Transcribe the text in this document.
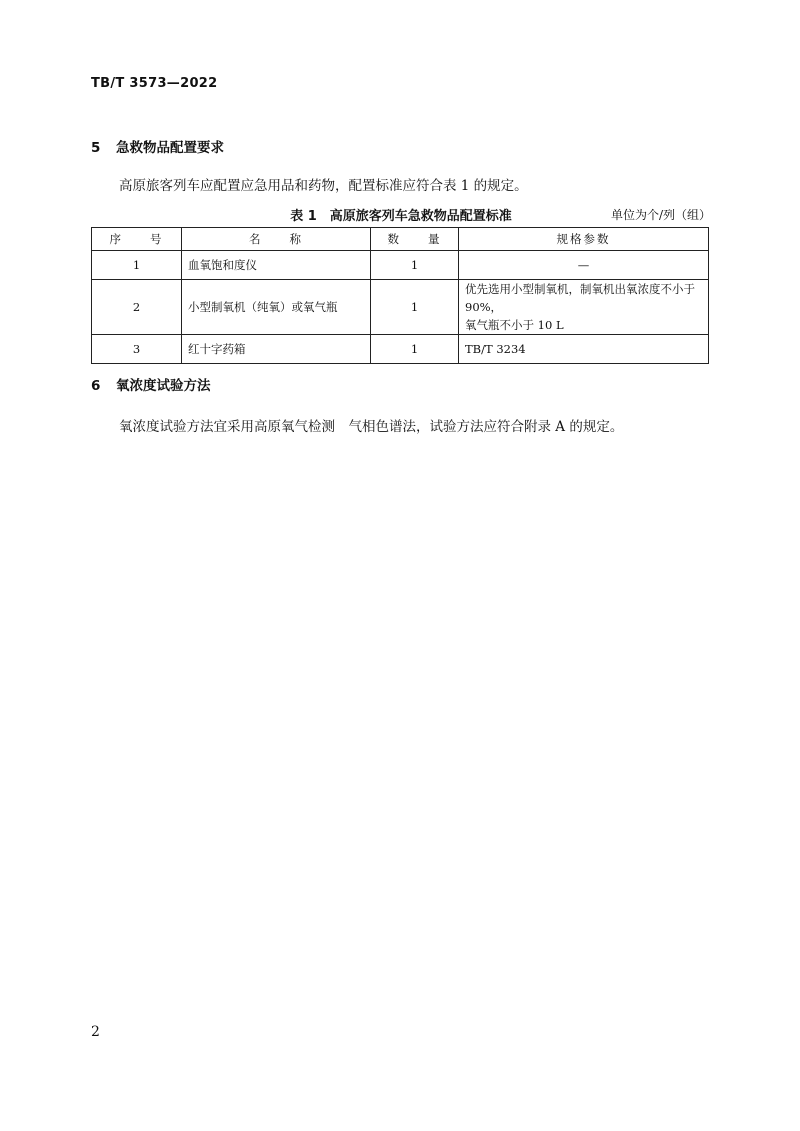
TB/T 3573—2022
5 急救物品配置要求
高原旅客列车应配置应急用品和药物，配置标准应符合表 1 的规定。
表 1　高原旅客列车急救物品配置标准	单位为个/列（组）
序　　号	名　　称	数　　量	规格参数
1	血氧饱和度仪	1	—
2	小型制氧机（纯氧）或氧气瓶	1	优先选用小型制氧机，制氧机出氧浓度不小于 90%，
氧气瓶不小于 10 L

3	红十字药箱	1	TB/T 3234
6 氧浓度试验方法
氧浓度试验方法宜采用高原氧气检测　气相色谱法，试验方法应符合附录 A 的规定。
2
